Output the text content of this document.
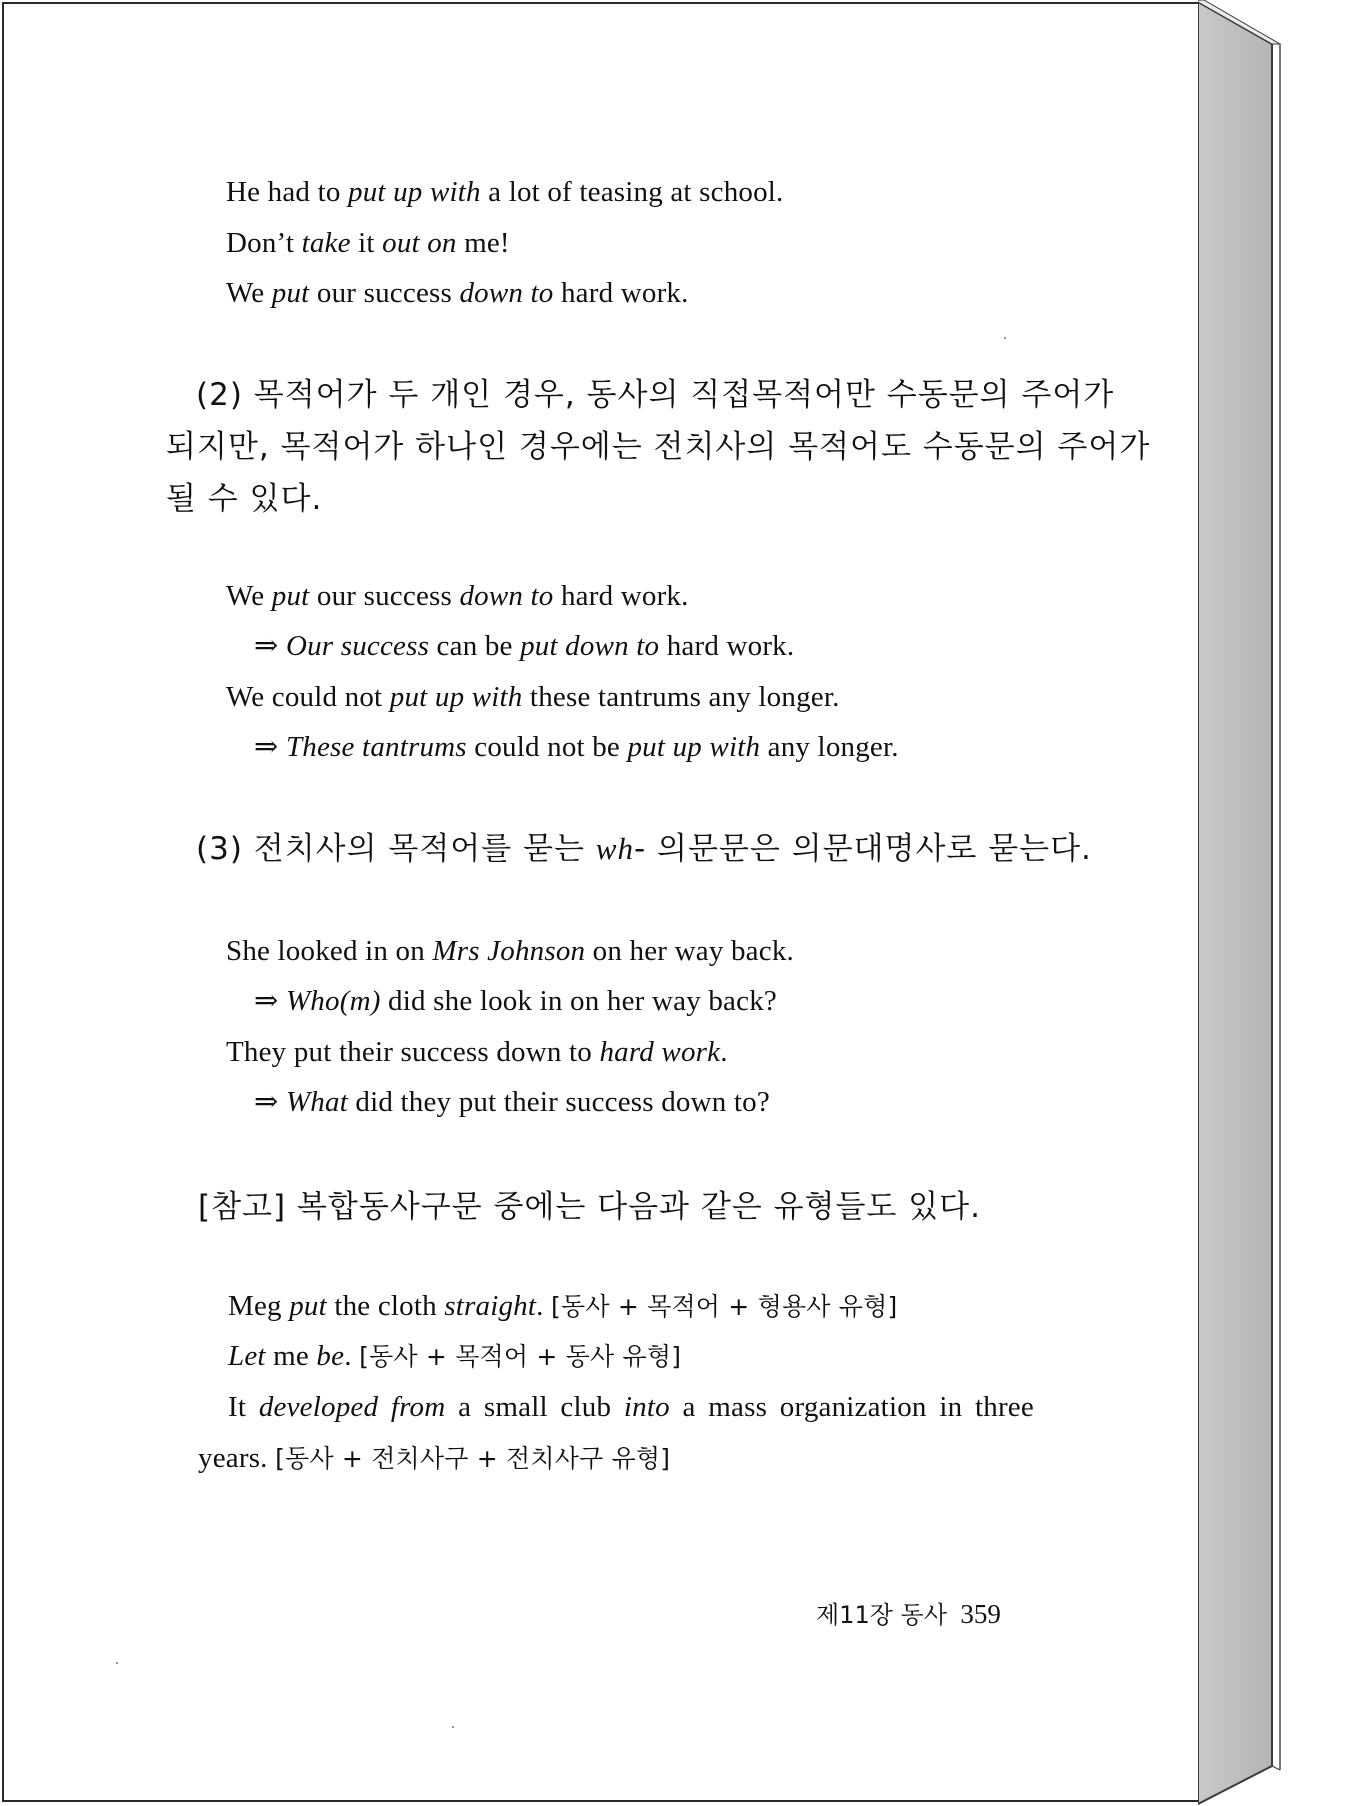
He had to put up with a lot of teasing at school.
Don’t take it out on me!
We put our success down to hard work.
(2) 목적어가 두 개인 경우, 동사의 직접목적어만 수동문의 주어가
되지만, 목적어가 하나인 경우에는 전치사의 목적어도 수동문의 주어가
될 수 있다.
We put our success down to hard work.
⇒ Our success can be put down to hard work.
We could not put up with these tantrums any longer.
⇒ These tantrums could not be put up with any longer.
(3) 전치사의 목적어를 묻는 wh- 의문문은 의문대명사로 묻는다.
She looked in on Mrs Johnson on her way back.
⇒ Who(m) did she look in on her way back?
They put their success down to hard work.
⇒ What did they put their success down to?
[참고] 복합동사구문 중에는 다음과 같은 유형들도 있다.
Meg put the cloth straight. [동사 + 목적어 + 형용사 유형]
Let me be. [동사 + 목적어 + 동사 유형]
It developed from a small club into a mass organization in three
years. [동사 + 전치사구 + 전치사구 유형]
제11장 동사 359
